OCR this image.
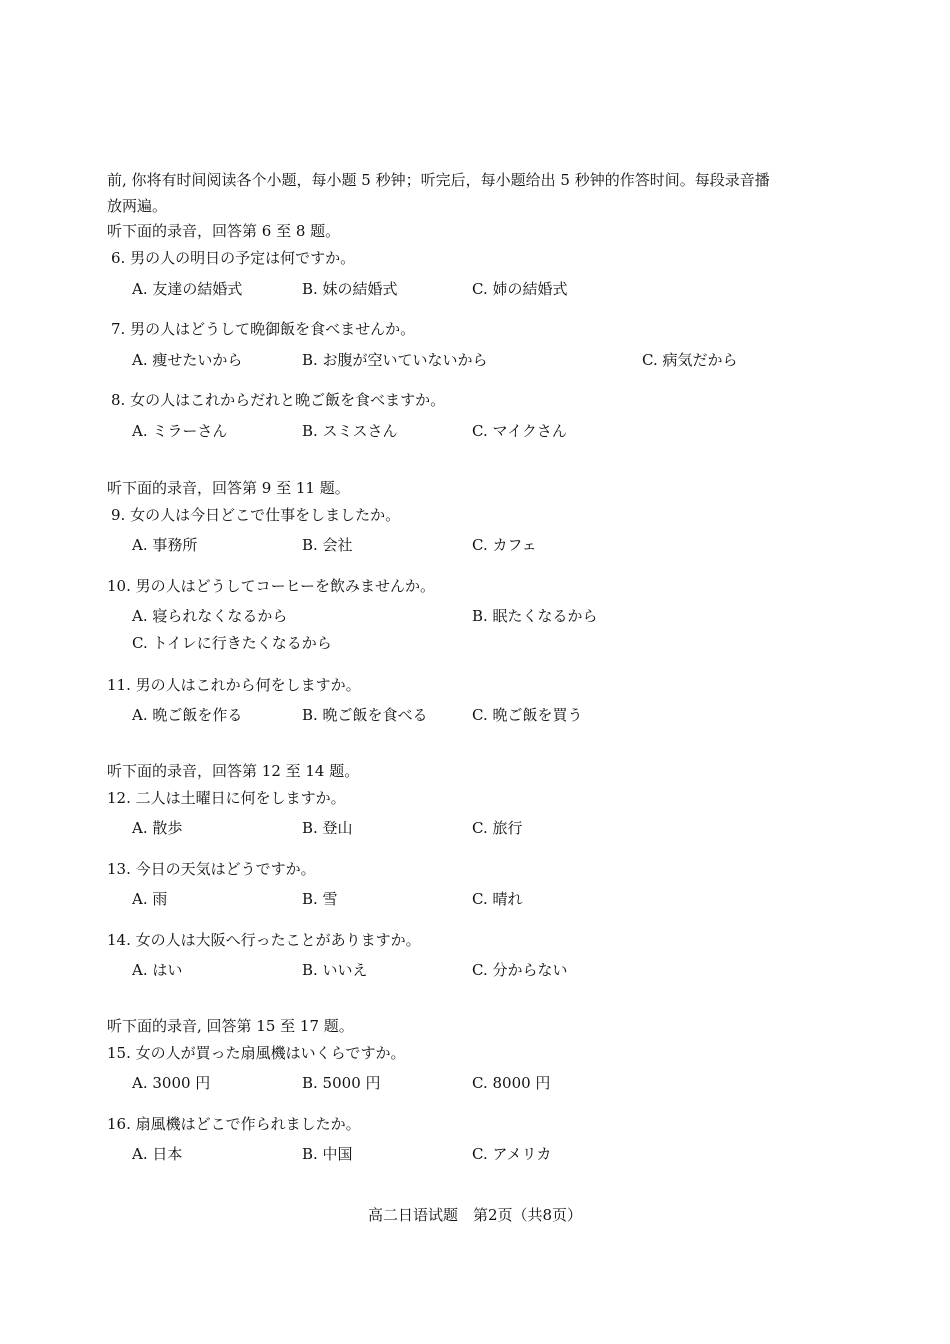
前, 你将有时间阅读各个小题，每小题 5 秒钟；听完后，每小题给出 5 秒钟的作答时间。每段录音播
放两遍。
听下面的录音，回答第 6 至 8 题。
6. 男の人の明日の予定は何ですか。
A. 友達の結婚式	B. 妹の結婚式	C. 姉の結婚式
7. 男の人はどうして晩御飯を食べませんか。
A. 痩せたいから	B. お腹が空いていないから	C. 病気だから
8. 女の人はこれからだれと晩ご飯を食べますか。
A. ミラーさん	B. スミスさん	C. マイクさん
听下面的录音，回答第 9 至 11 题。
9. 女の人は今日どこで仕事をしましたか。
A. 事務所	B. 会社	C. カフェ
10. 男の人はどうしてコーヒーを飲みませんか。
A. 寝られなくなるから	B. 眠たくなるから
C. トイレに行きたくなるから
11. 男の人はこれから何をしますか。
A. 晩ご飯を作る	B. 晩ご飯を食べる	C. 晩ご飯を買う
听下面的录音，回答第 12 至 14 题。
12. 二人は土曜日に何をしますか。
A. 散歩	B. 登山	C. 旅行
13. 今日の天気はどうですか。
A. 雨	B. 雪	C. 晴れ
14. 女の人は大阪へ行ったことがありますか。
A. はい	B. いいえ	C. 分からない
听下面的录音, 回答第 15 至 17 题。
15. 女の人が買った扇風機はいくらですか。
A. 3000 円	B. 5000 円	C. 8000 円
16. 扇風機はどこで作られましたか。
A. 日本	B. 中国	C. アメリカ
高二日语试题　第2页（共8页）
